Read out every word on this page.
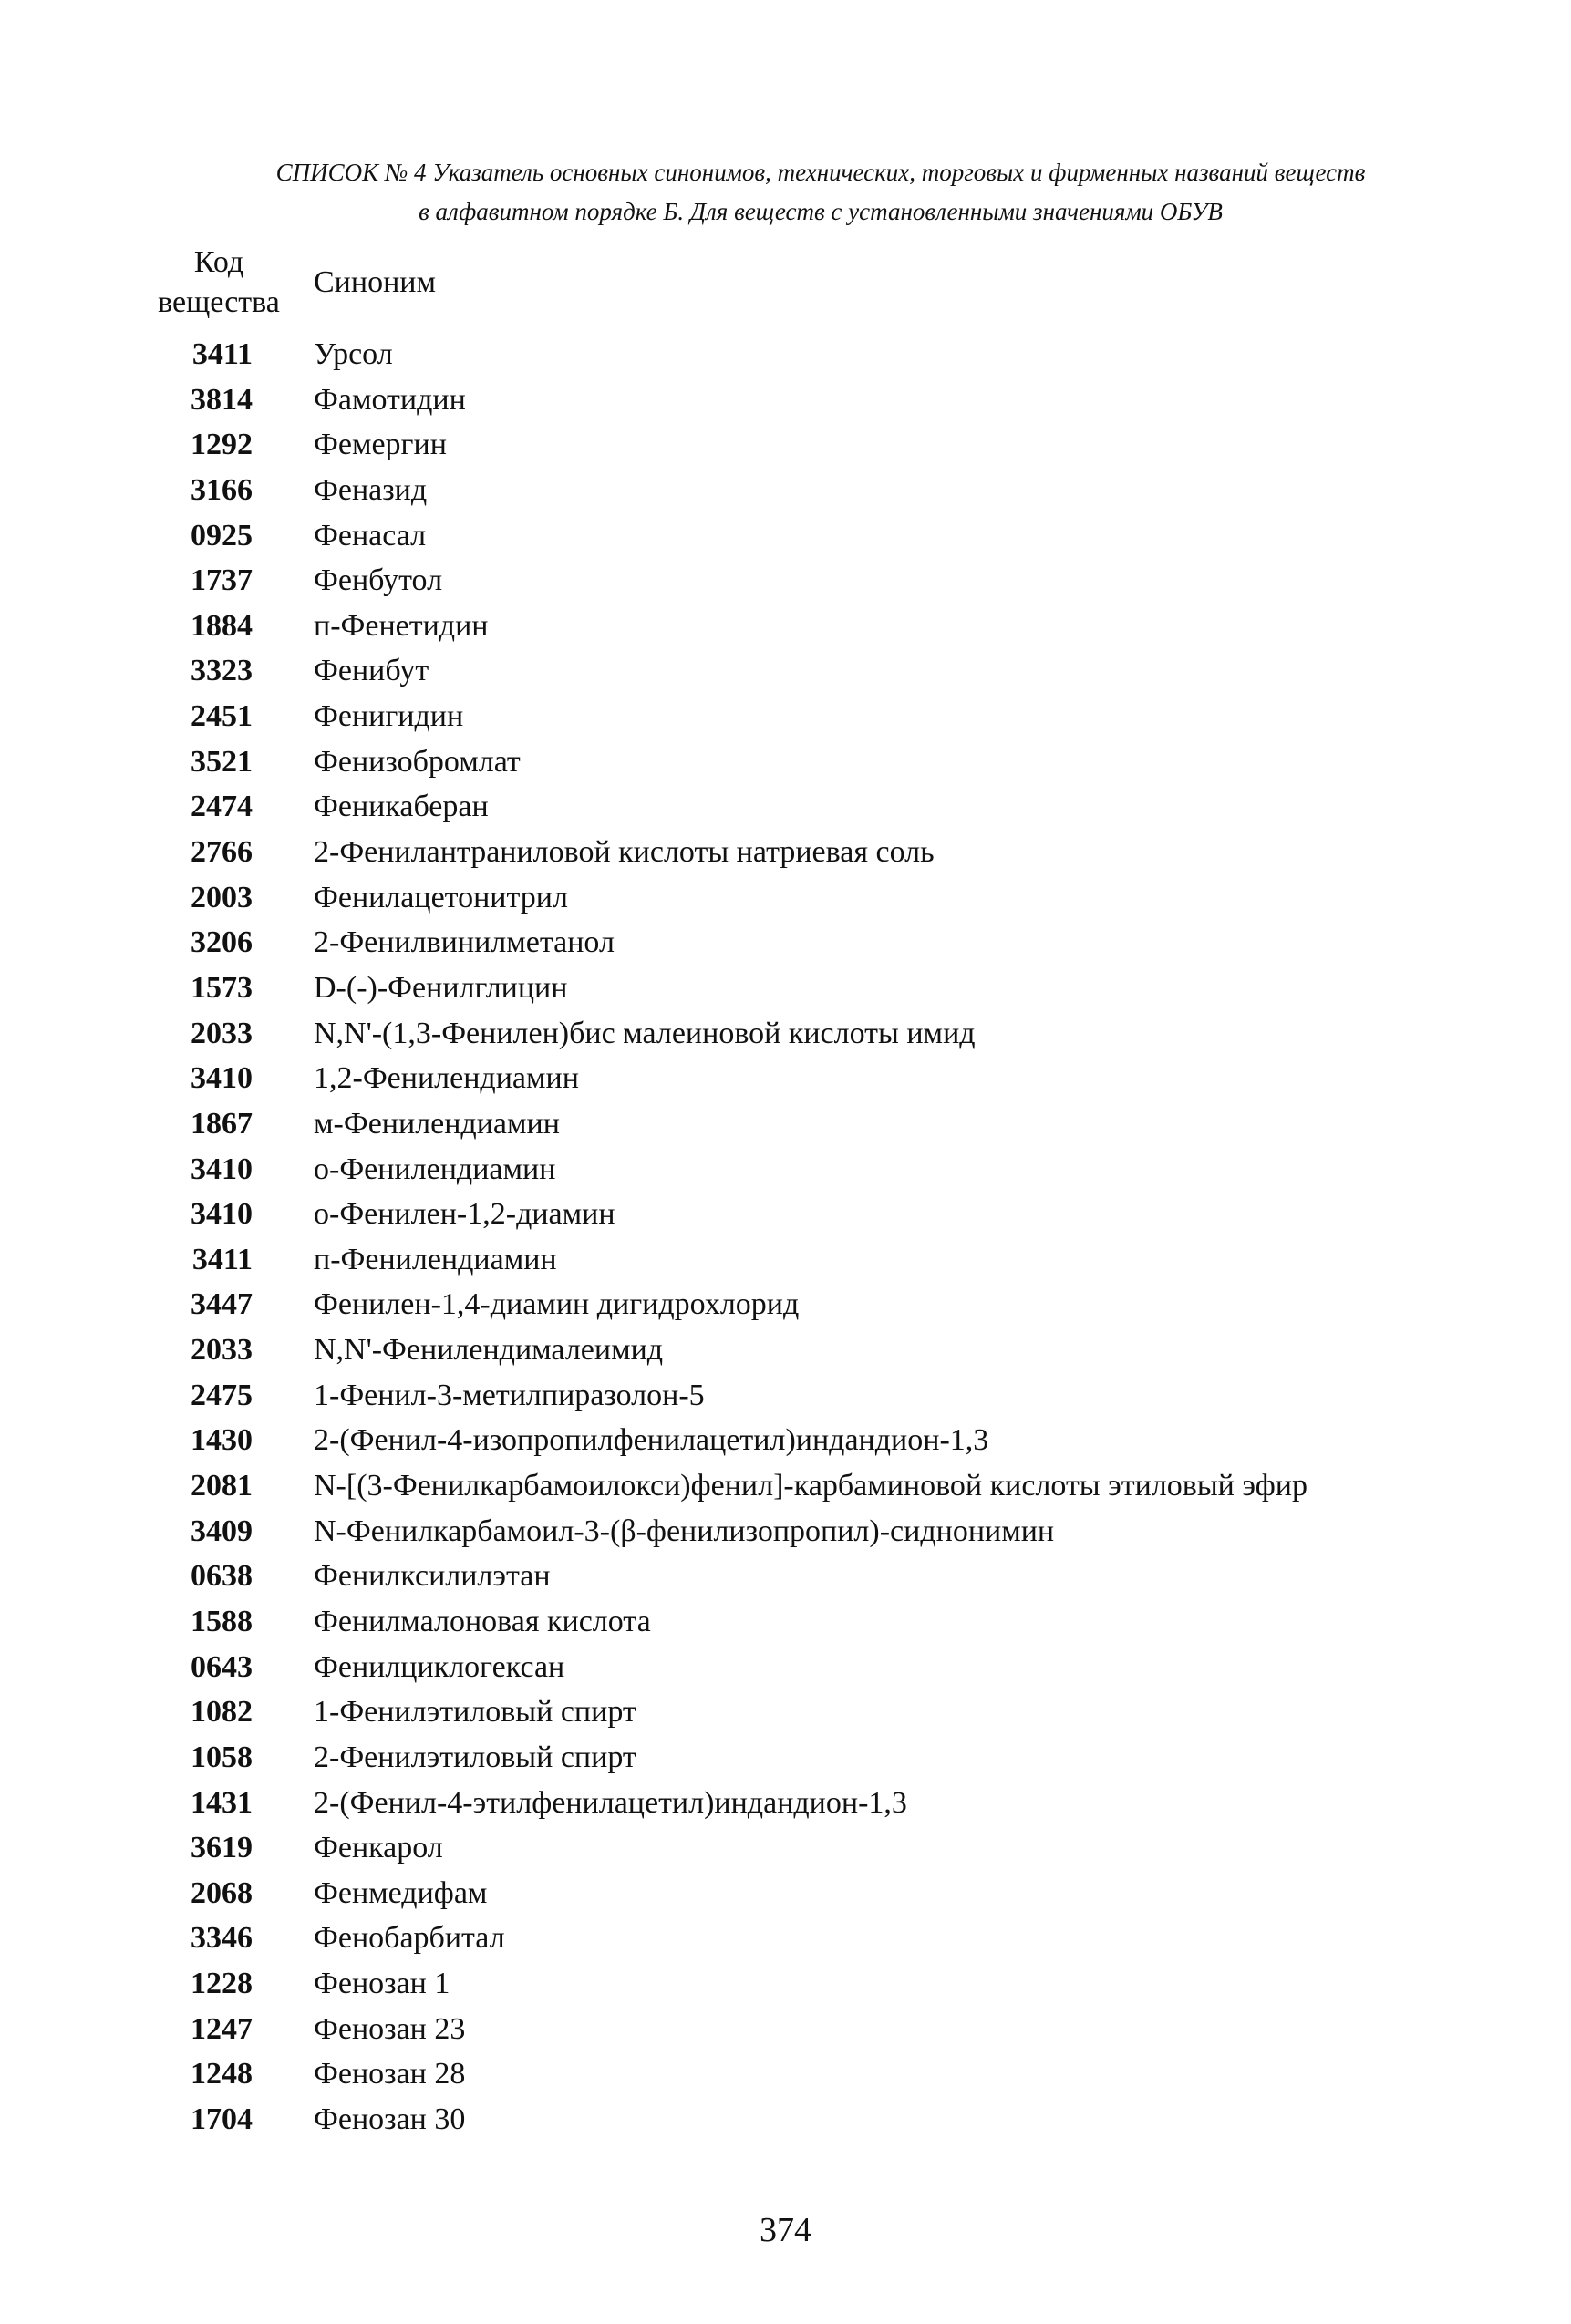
СПИСОК № 4 Указатель основных синонимов, технических, торговых и фирменных названий веществ
в алфавитном порядке Б. Для веществ с установленными значениями ОБУВ
Код
вещества
Синоним
3411 Урсол
3814 Фамотидин
1292 Фемергин
3166 Феназид
0925 Фенасал
1737 Фенбутол
1884 п-Фенетидин
3323 Фенибут
2451 Фенигидин
3521 Фенизобромлат
2474 Феникаберан
2766 2-Фенилантраниловой кислоты натриевая соль
2003 Фенилацетонитрил
3206 2-Фенилвинилметанол
1573 D-(-)-Фенилглицин
2033 N,N'-(1,3-Фенилен)бис малеиновой кислоты имид
3410 1,2-Фенилендиамин
1867 м-Фенилендиамин
3410 о-Фенилендиамин
3410 о-Фенилен-1,2-диамин
3411 п-Фенилендиамин
3447 Фенилен-1,4-диамин дигидрохлорид
2033 N,N'-Фенилендималеимид
2475 1-Фенил-3-метилпиразолон-5
1430 2-(Фенил-4-изопропилфенилацетил)индандион-1,3
2081 N-[(3-Фенилкарбамоилокси)фенил]-карбаминовой кислоты этиловый эфир
3409 N-Фенилкарбамоил-3-(β-фенилизопропил)-сиднонимин
0638 Фенилксилилэтан
1588 Фенилмалоновая кислота
0643 Фенилциклогексан
1082 1-Фенилэтиловый спирт
1058 2-Фенилэтиловый спирт
1431 2-(Фенил-4-этилфенилацетил)индандион-1,3
3619 Фенкарол
2068 Фенмедифам
3346 Фенобарбитал
1228 Фенозан 1
1247 Фенозан 23
1248 Фенозан 28
1704 Фенозан 30
374
